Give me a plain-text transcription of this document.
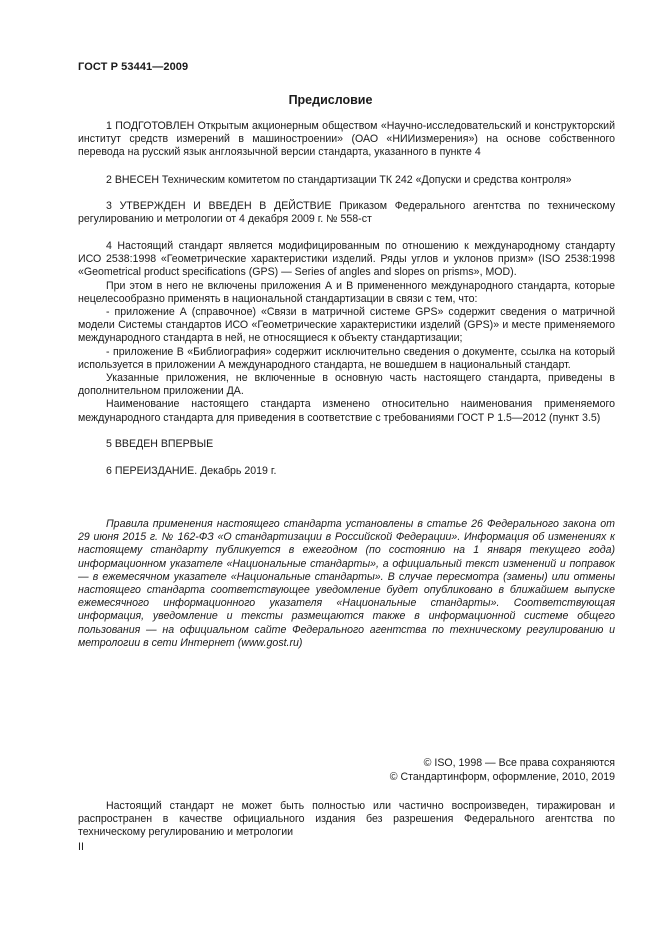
ГОСТ Р 53441—2009
Предисловие

1 ПОДГОТОВЛЕН Открытым акционерным обществом «Научно-исследовательский и конструкторский институт средств измерений в машиностроении» (ОАО «НИИизмерения») на основе собственного перевода на русский язык англоязычной версии стандарта, указанного в пункте 4

2 ВНЕСЕН Техническим комитетом по стандартизации ТК 242 «Допуски и средства контроля»

3 УТВЕРЖДЕН И ВВЕДЕН В ДЕЙСТВИЕ Приказом Федерального агентства по техническому регулированию и метрологии от 4 декабря 2009 г. № 558-ст

4 Настоящий стандарт является модифицированным по отношению к международному стандарту ИСО 2538:1998 «Геометрические характеристики изделий. Ряды углов и уклонов призм» (ISO 2538:1998 «Geometrical product specifications (GPS) — Series of angles and slopes on prisms», MOD).

При этом в него не включены приложения А и В примененного международного стандарта, которые нецелесообразно применять в национальной стандартизации в связи с тем, что:

- приложение А (справочное) «Связи в матричной системе GPS» содержит сведения о матричной модели Системы стандартов ИСО «Геометрические характеристики изделий (GPS)» и месте применяемого международного стандарта в ней, не относящиеся к объекту стандартизации;

- приложение В «Библиография» содержит исключительно сведения о документе, ссылка на который используется в приложении А международного стандарта, не вошедшем в национальный стандарт.

Указанные приложения, не включенные в основную часть настоящего стандарта, приведены в дополнительном приложении ДА.

Наименование настоящего стандарта изменено относительно наименования применяемого международного стандарта для приведения в соответствие с требованиями ГОСТ Р 1.5—2012 (пункт 3.5)

5 ВВЕДЕН ВПЕРВЫЕ

6 ПЕРЕИЗДАНИЕ. Декабрь 2019 г.

Правила применения настоящего стандарта установлены в статье 26 Федерального закона от 29 июня 2015 г. № 162-ФЗ «О стандартизации в Российской Федерации». Информация об изменениях к настоящему стандарту публикуется в ежегодном (по состоянию на 1 января текущего года) информационном указателе «Национальные стандарты», а официальный текст изменений и поправок — в ежемесячном указателе «Национальные стандарты». В случае пересмотра (замены) или отмены настоящего стандарта соответствующее уведомление будет опубликовано в ближайшем выпуске ежемесячного информационного указателя «Национальные стандарты». Соответствующая информация, уведомление и тексты размещаются также в информационной системе общего пользования — на официальном сайте Федерального агентства по техническому регулированию и метрологии в сети Интернет (www.gost.ru)

© ISO, 1998 — Все права сохраняются
© Стандартинформ, оформление, 2010, 2019

Настоящий стандарт не может быть полностью или частично воспроизведен, тиражирован и распространен в качестве официального издания без разрешения Федерального агентства по техническому регулированию и метрологии

II
